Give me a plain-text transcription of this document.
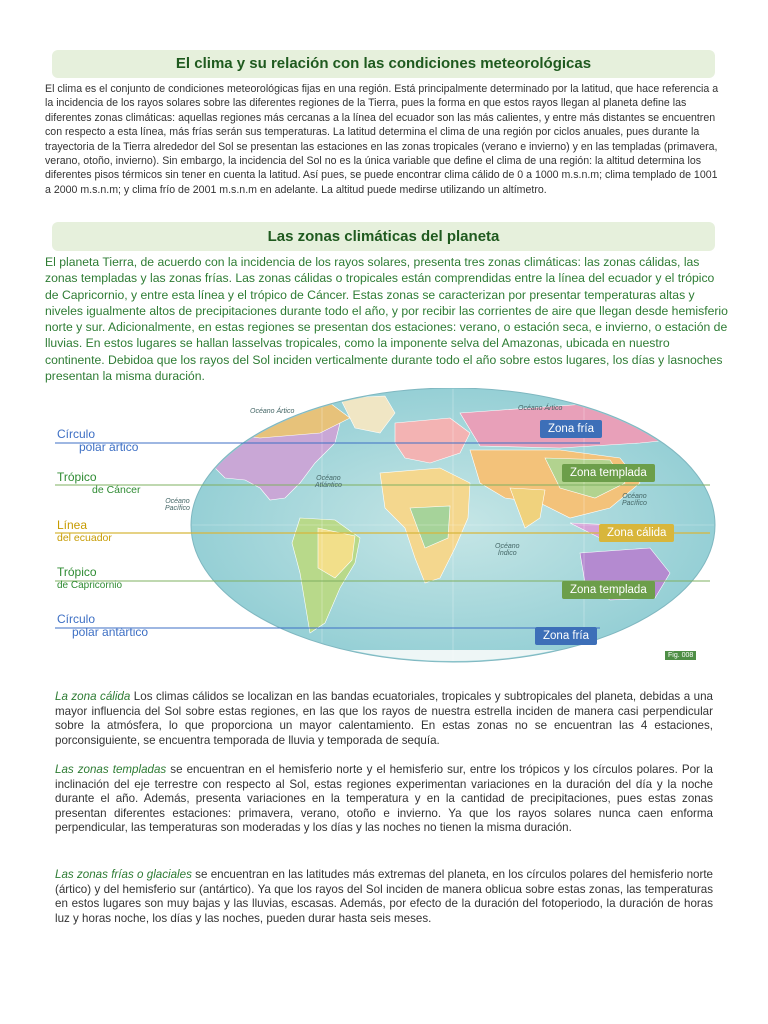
El clima y su relación con las condiciones meteorológicas
El clima es el conjunto de condiciones meteorológicas fijas en una región. Está principalmente determinado por la latitud, que hace referencia a la incidencia de los rayos solares sobre las diferentes regiones de la Tierra, pues la forma en que estos rayos llegan al planeta define las diferentes zonas climáticas: aquellas regiones más cercanas a la línea del ecuador son las más calientes, y entre más distantes se encuentren con respecto a esta línea, más frías serán sus temperaturas. La latitud determina el clima de una región por ciclos anuales, pues durante la trayectoria de la Tierra alrededor del Sol se presentan las estaciones en las zonas tropicales (verano e invierno) y en las templadas (primavera, verano, otoño, invierno). Sin embargo, la incidencia del Sol no es la única variable que define el clima de una región: la altitud determina los diferentes pisos térmicos sin tener en cuenta la latitud. Así pues, se puede encontrar clima cálido de 0 a 1000 m.s.n.m; clima templado de 1001 a 2000 m.s.n.m; y clima frío de 2001 m.s.n.m en adelante. La altitud puede medirse utilizando un altímetro.
Las zonas climáticas del planeta
El planeta Tierra, de acuerdo con la incidencia de los rayos solares, presenta tres zonas climáticas: las zonas cálidas, las zonas templadas y las zonas frías. Las zonas cálidas o tropicales están comprendidas entre la línea del ecuador y el trópico de Capricornio, y entre esta línea y el trópico de Cáncer. Estas zonas se caracterizan por presentar temperaturas altas y niveles igualmente altos de precipitaciones durante todo el año, y por recibir las corrientes de aire que llegan desde hemisferio norte y sur. Adicionalmente, en estas regiones se presentan dos estaciones: verano, o estación seca, e invierno, o estación de lluvias. En estos lugares se hallan lasselvas tropicales, como la imponente selva del Amazonas, ubicada en nuestro continente. Debidoa que los rayos del Sol inciden verticalmente durante todo el año sobre estos lugares, los días y lasnoches presentan la misma duración.
Círculo
polar ártico
Trópico
de Cáncer
Línea
del ecuador
Trópico
de Capricornio
Círculo
polar antártico
Océano Ártico	Océano Ártico
Océano
Atlántico
Océano
Pacífico
Océano
Pacífico
Océano
Índico
Zona fría
Zona templada
Zona cálida
Zona templada
Zona fría
Fig. 008
La zona cálida Los climas cálidos se localizan en las bandas ecuatoriales, tropicales y subtropicales del planeta, debidas a una mayor influencia del Sol sobre estas regiones, en las que los rayos de nuestra estrella inciden de manera casi perpendicular sobre la atmósfera, lo que proporciona un mayor calentamiento. En estas zonas no se encuentran las 4 estaciones, porconsiguiente, se encuentra temporada de lluvia y temporada de sequía.
Las zonas templadas se encuentran en el hemisferio norte y el hemisferio sur, entre los trópicos y los círculos polares. Por la inclinación del eje terrestre con respecto al Sol, estas regiones experimentan variaciones en la duración del día y la noche durante el año. Además, presenta variaciones en la temperatura y en la cantidad de precipitaciones, pues estas zonas presentan diferentes estaciones: primavera, verano, otoño e invierno. Ya que los rayos solares nunca caen enforma perpendicular, las temperaturas son moderadas y los días y las noches no tienen la misma duración.
Las zonas frías o glaciales se encuentran en las latitudes más extremas del planeta, en los círculos polares del hemisferio norte (ártico) y del hemisferio sur (antártico). Ya que los rayos del Sol inciden de manera oblicua sobre estas zonas, las temperaturas en estos lugares son muy bajas y las lluvias, escasas. Además, por efecto de la duración del fotoperiodo, la duración de horas luz y horas noche, los días y las noches, pueden durar hasta seis meses.
